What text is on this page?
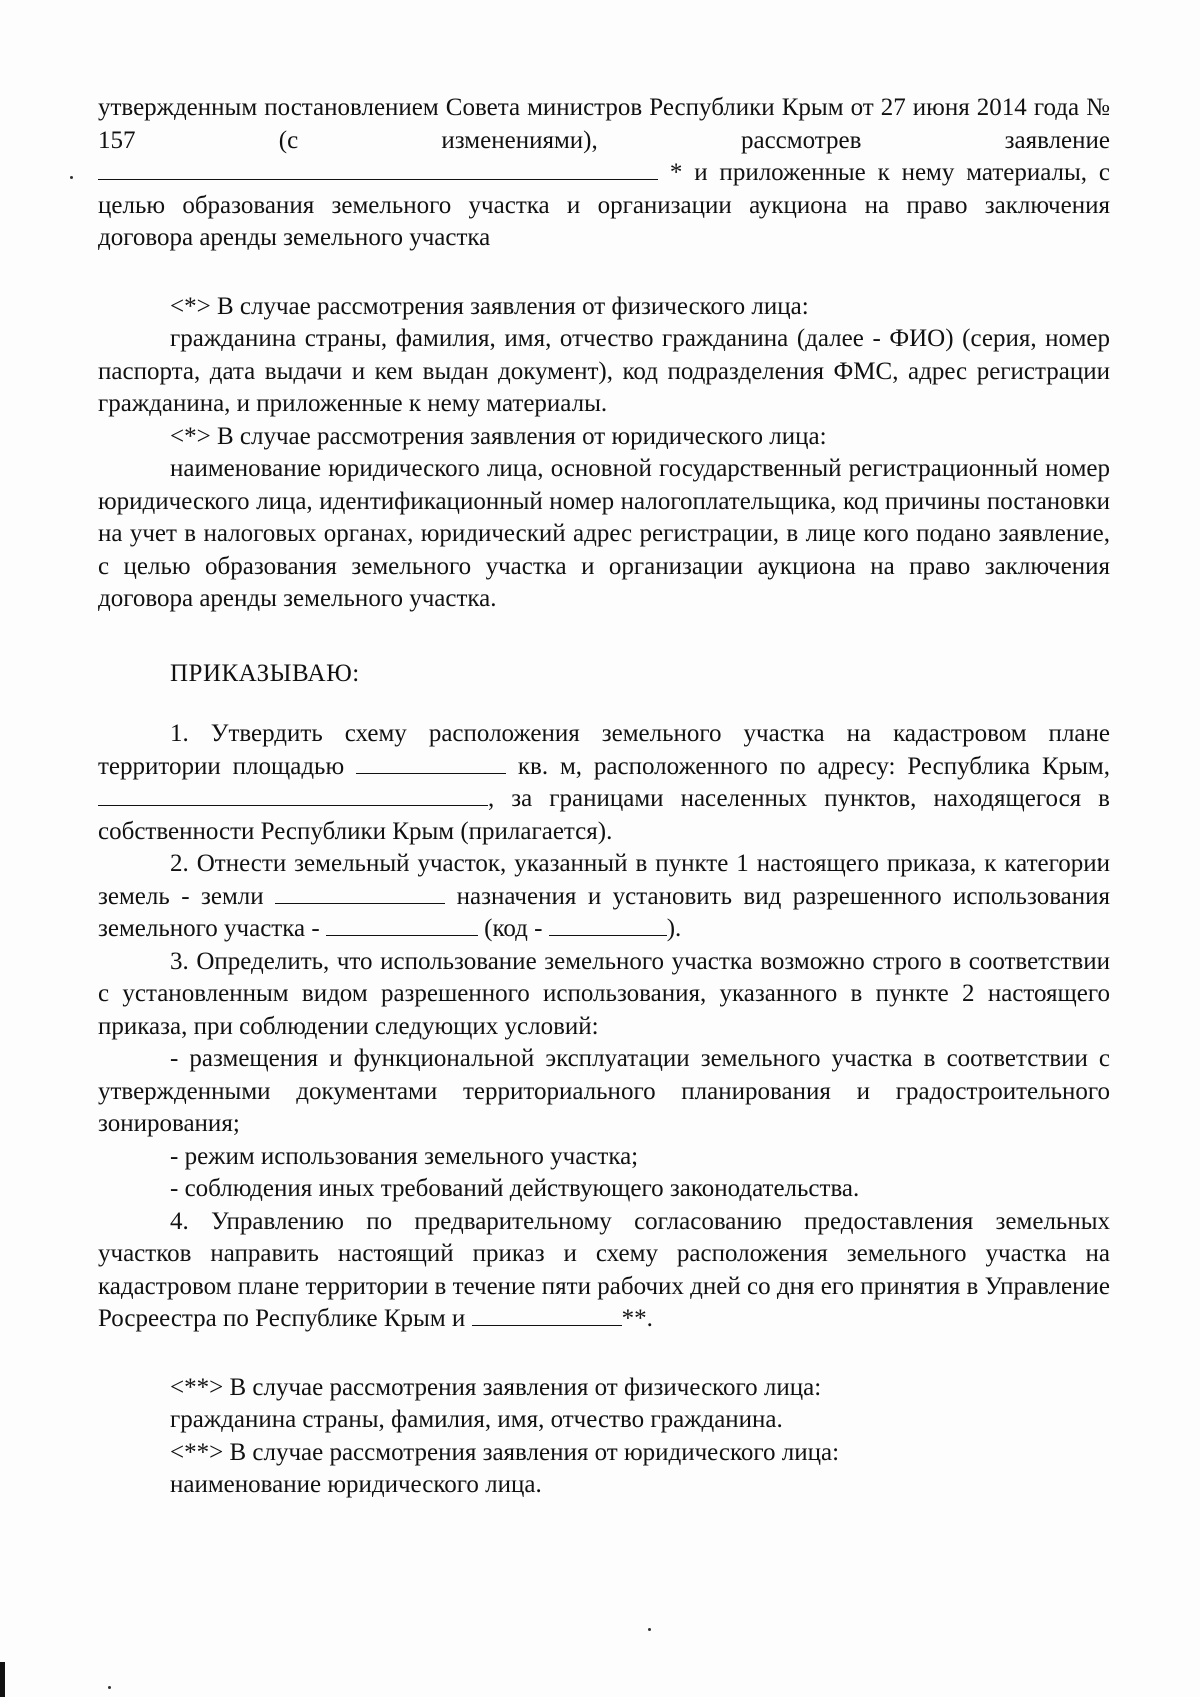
утвержденным постановлением Совета министров Республики Крым от 27 июня 2014 года № 157 (с изменениями), рассмотрев заявление * и приложенные к нему материалы, с целью образования земельного участка и организации аукциона на право заключения договора аренды земельного участка

<*> В случае рассмотрения заявления от физического лица:

гражданина страны, фамилия, имя, отчество гражданина (далее - ФИО) (серия, номер паспорта, дата выдачи и кем выдан документ), код подразделения ФМС, адрес регистрации гражданина, и приложенные к нему материалы.

<*> В случае рассмотрения заявления от юридического лица:

наименование юридического лица, основной государственный регистрационный номер юридического лица, идентификационный номер налогоплательщика, код причины постановки на учет в налоговых органах, юридический адрес регистрации, в лице кого подано заявление, с целью образования земельного участка и организации аукциона на право заключения договора аренды земельного участка.

ПРИКАЗЫВАЮ:

1. Утвердить схему расположения земельного участка на кадастровом плане территории площадью	кв. м, расположенного по адресу: Республика Крым, , за границами населенных пунктов, находящегося в собственности Республики Крым (прилагается).

2. Отнести земельный участок, указанный в пункте 1 настоящего приказа, к категории земель - земли	назначения и установить вид разрешенного использования земельного участка -	(код -	).

3. Определить, что использование земельного участка возможно строго в соответствии с установленным видом разрешенного использования, указанного в пункте 2 настоящего приказа, при соблюдении следующих условий:

- размещения и функциональной эксплуатации земельного участка в соответствии с утвержденными документами территориального планирования и градостроительного зонирования;

- режим использования земельного участка;

- соблюдения иных требований действующего законодательства.

4. Управлению по предварительному согласованию предоставления земельных участков направить настоящий приказ и схему расположения земельного участка на кадастровом плане территории в течение пяти рабочих дней со дня его принятия в Управление Росреестра по Республике Крым и	**.

<**> В случае рассмотрения заявления от физического лица:

гражданина страны, фамилия, имя, отчество гражданина.

<**> В случае рассмотрения заявления от юридического лица:

наименование юридического лица.
